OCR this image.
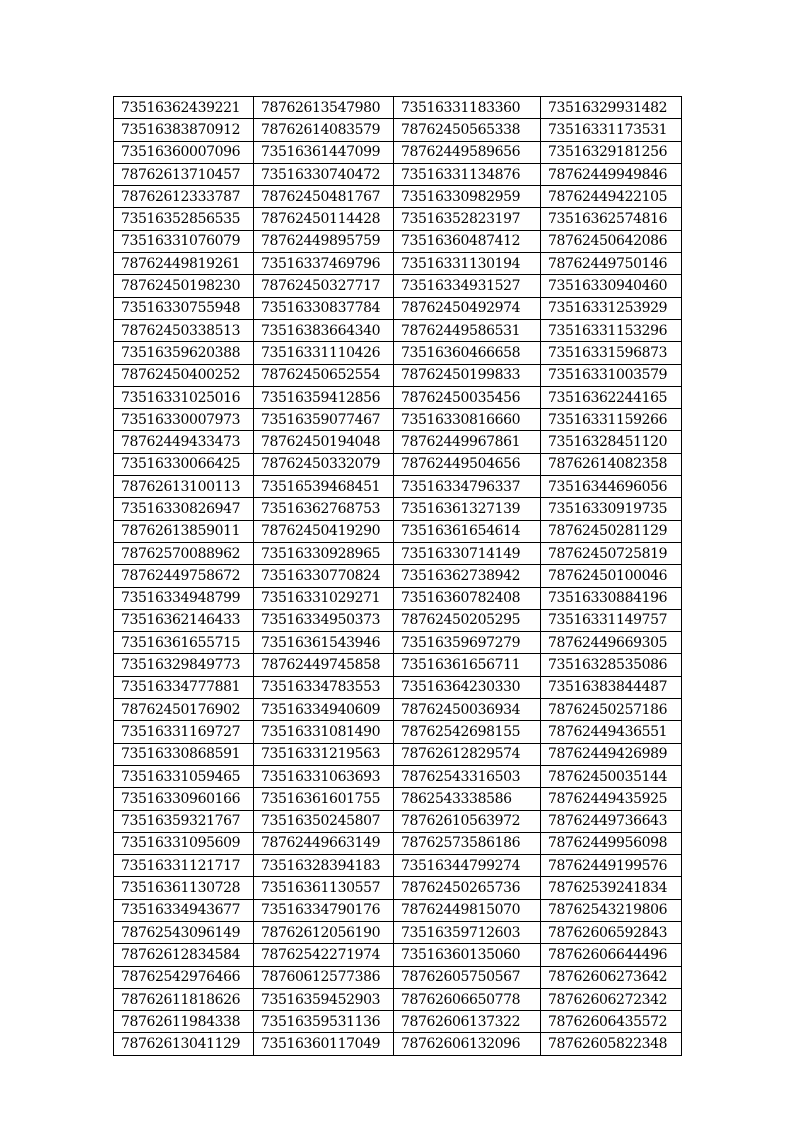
73516362439221	78762613547980	73516331183360	73516329931482
73516383870912	78762614083579	78762450565338	73516331173531
73516360007096	73516361447099	78762449589656	73516329181256
78762613710457	73516330740472	73516331134876	78762449949846
78762612333787	78762450481767	73516330982959	78762449422105
73516352856535	78762450114428	73516352823197	73516362574816
73516331076079	78762449895759	73516360487412	78762450642086
78762449819261	73516337469796	73516331130194	78762449750146
78762450198230	78762450327717	73516334931527	73516330940460
73516330755948	73516330837784	78762450492974	73516331253929
78762450338513	73516383664340	78762449586531	73516331153296
73516359620388	73516331110426	73516360466658	73516331596873
78762450400252	78762450652554	78762450199833	73516331003579
73516331025016	73516359412856	78762450035456	73516362244165
73516330007973	73516359077467	73516330816660	73516331159266
78762449433473	78762450194048	78762449967861	73516328451120
73516330066425	78762450332079	78762449504656	78762614082358
78762613100113	73516539468451	73516334796337	73516344696056
73516330826947	73516362768753	73516361327139	73516330919735
78762613859011	78762450419290	73516361654614	78762450281129
78762570088962	73516330928965	73516330714149	78762450725819
78762449758672	73516330770824	73516362738942	78762450100046
73516334948799	73516331029271	73516360782408	73516330884196
73516362146433	73516334950373	78762450205295	73516331149757
73516361655715	73516361543946	73516359697279	78762449669305
73516329849773	78762449745858	73516361656711	73516328535086
73516334777881	73516334783553	73516364230330	73516383844487
78762450176902	73516334940609	78762450036934	78762450257186
73516331169727	73516331081490	78762542698155	78762449436551
73516330868591	73516331219563	78762612829574	78762449426989
73516331059465	73516331063693	78762543316503	78762450035144
73516330960166	73516361601755	7862543338586	78762449435925
73516359321767	73516350245807	78762610563972	78762449736643
73516331095609	78762449663149	78762573586186	78762449956098
73516331121717	73516328394183	73516344799274	78762449199576
73516361130728	73516361130557	78762450265736	78762539241834
73516334943677	73516334790176	78762449815070	78762543219806
78762543096149	78762612056190	73516359712603	78762606592843
78762612834584	78762542271974	73516360135060	78762606644496
78762542976466	78760612577386	78762605750567	78762606273642
78762611818626	73516359452903	78762606650778	78762606272342
78762611984338	73516359531136	78762606137322	78762606435572
78762613041129	73516360117049	78762606132096	78762605822348
